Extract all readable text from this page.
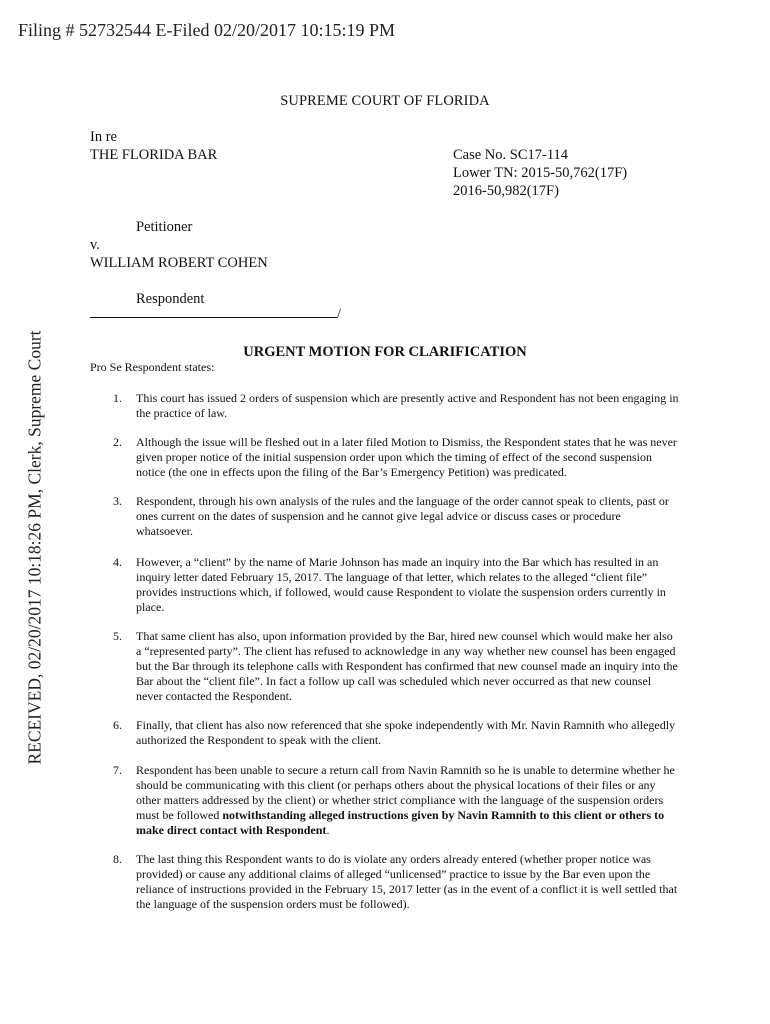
Filing # 52732544 E-Filed 02/20/2017 10:15:19 PM
RECEIVED, 02/20/2017 10:18:26 PM, Clerk, Supreme Court
SUPREME COURT OF FLORIDA
In re
THE FLORIDA BAR
Petitioner
v.
WILLIAM ROBERT COHEN
Respondent
/
Case No. SC17-114
Lower TN: 2015-50,762(17F)
2016-50,982(17F)
URGENT MOTION FOR CLARIFICATION
Pro Se Respondent states:
1.	This court has issued 2 orders of suspension which are presently active and Respondent has not been engaging in the practice of law.
2.	Although the issue will be fleshed out in a later filed Motion to Dismiss, the Respondent states that he was never given proper notice of the initial suspension order upon which the timing of effect of the second suspension notice (the one in effects upon the filing of the Bar’s Emergency Petition) was predicated.
3.	Respondent, through his own analysis of the rules and the language of the order cannot speak to clients, past or ones current on the dates of suspension and he cannot give legal advice or discuss cases or procedure whatsoever.
4.	However, a “client” by the name of Marie Johnson has made an inquiry into the Bar which has resulted in an inquiry letter dated February 15, 2017. The language of that letter, which relates to the alleged “client file” provides instructions which, if followed, would cause Respondent to violate the suspension orders currently in place.
5.	That same client has also, upon information provided by the Bar, hired new counsel which would make her also a “represented party”. The client has refused to acknowledge in any way whether new counsel has been engaged but the Bar through its telephone calls with Respondent has confirmed that new counsel made an inquiry into the Bar about the “client file”. In fact a follow up call was scheduled which never occurred as that new counsel never contacted the Respondent.
6.	Finally, that client has also now referenced that she spoke independently with Mr. Navin Ramnith who allegedly authorized the Respondent to speak with the client.
7.	Respondent has been unable to secure a return call from Navin Ramnith so he is unable to determine whether he should be communicating with this client (or perhaps others about the physical locations of their files or any other matters addressed by the client) or whether strict compliance with the language of the suspension orders must be followed notwithstanding alleged instructions given by Navin Ramnith to this client or others to make direct contact with Respondent.
8.	The last thing this Respondent wants to do is violate any orders already entered (whether proper notice was provided) or cause any additional claims of alleged “unlicensed” practice to issue by the Bar even upon the reliance of instructions provided in the February 15, 2017 letter (as in the event of a conflict it is well settled that the language of the suspension orders must be followed).
